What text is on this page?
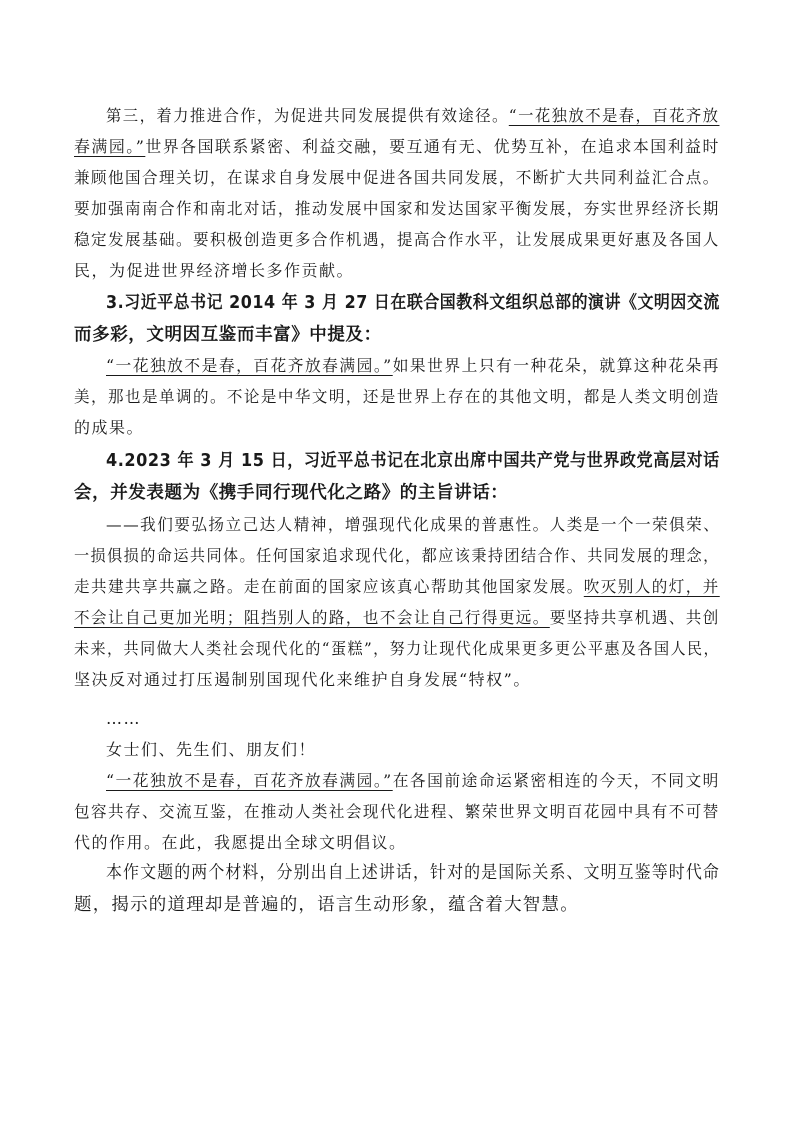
第三，着力推进合作，为促进共同发展提供有效途径。“一花独放不是春，百花齐放
春满园。”世界各国联系紧密、利益交融，要互通有无、优势互补，在追求本国利益时
兼顾他国合理关切，在谋求自身发展中促进各国共同发展，不断扩大共同利益汇合点。
要加强南南合作和南北对话，推动发展中国家和发达国家平衡发展，夯实世界经济长期
稳定发展基础。要积极创造更多合作机遇，提高合作水平，让发展成果更好惠及各国人
民，为促进世界经济增长多作贡献。
3.习近平总书记 2014 年 3 月 27 日在联合国教科文组织总部的演讲《文明因交流
而多彩，文明因互鉴而丰富》中提及：
“一花独放不是春，百花齐放春满园。”如果世界上只有一种花朵，就算这种花朵再
美，那也是单调的。不论是中华文明，还是世界上存在的其他文明，都是人类文明创造
的成果。
4.2023 年 3 月 15 日，习近平总书记在北京出席中国共产党与世界政党高层对话
会，并发表题为《携手同行现代化之路》的主旨讲话：
——我们要弘扬立己达人精神，增强现代化成果的普惠性。人类是一个一荣俱荣、
一损俱损的命运共同体。任何国家追求现代化，都应该秉持团结合作、共同发展的理念，
走共建共享共赢之路。走在前面的国家应该真心帮助其他国家发展。吹灭别人的灯，并
不会让自己更加光明；阻挡别人的路，也不会让自己行得更远。要坚持共享机遇、共创
未来，共同做大人类社会现代化的“蛋糕”，努力让现代化成果更多更公平惠及各国人民，
坚决反对通过打压遏制别国现代化来维护自身发展“特权”。
……
女士们、先生们、朋友们！
“一花独放不是春，百花齐放春满园。”在各国前途命运紧密相连的今天，不同文明
包容共存、交流互鉴，在推动人类社会现代化进程、繁荣世界文明百花园中具有不可替
代的作用。在此，我愿提出全球文明倡议。
本作文题的两个材料，分别出自上述讲话，针对的是国际关系、文明互鉴等时代命
题，揭示的道理却是普遍的，语言生动形象，蕴含着大智慧。
